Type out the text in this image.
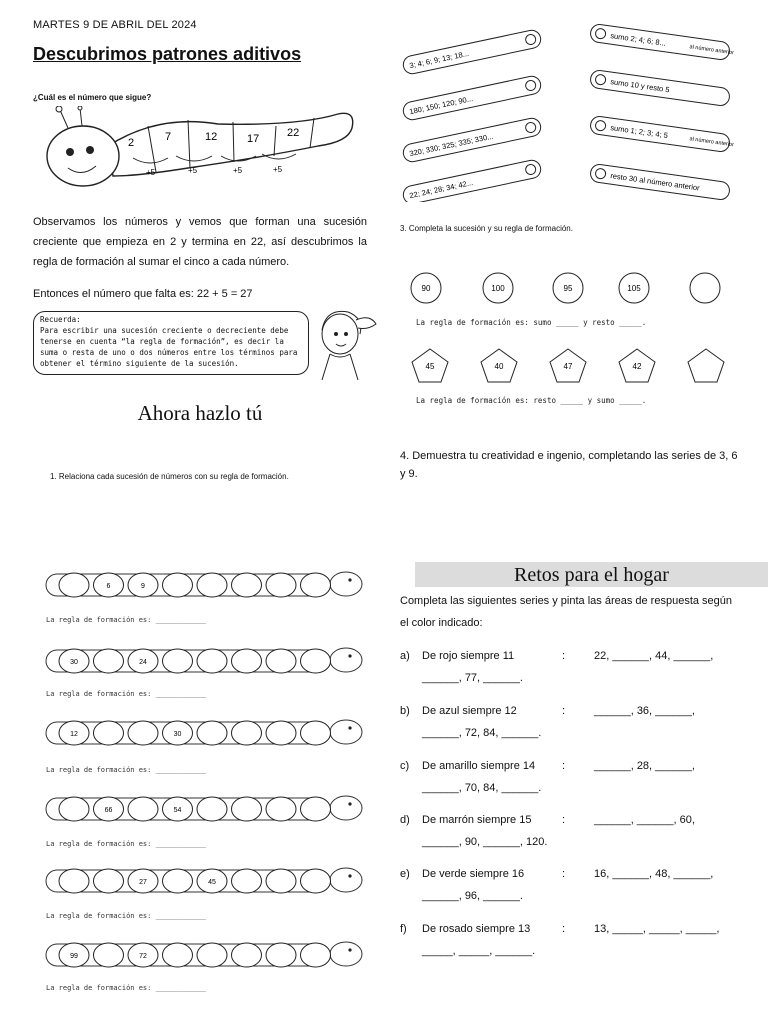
MARTES 9 DE ABRIL DEL 2024
Descubrimos patrones aditivos
¿Cuál es el número que sigue?
2	7	12	17	22
+5	+5	+5	+5
Observamos los números y vemos que forman una sucesión creciente que empieza en 2 y termina en 22, así descubrimos la regla de formación al sumar el cinco a cada número.
Entonces el número que falta es: 22 + 5 = 27
Recuerda:
Para escribir una sucesión creciente o decreciente debe tenerse en cuenta “la regla de formación”, es decir la suma o resta de uno o dos números entre los términos para obtener el término siguiente de la sucesión.
Ahora hazlo tú
1. Relaciona cada sucesión de números con su regla de formación.
6	9
La regla de formación es: ____________
30	24
La regla de formación es: ____________
12	30
La regla de formación es: ____________
66	54
La regla de formación es: ____________
27	45
La regla de formación es: ____________
99	72
La regla de formación es: ____________
3; 4; 6; 9; 13; 18...
180; 150; 120; 90...
320; 330; 325; 335; 330...
22; 24; 28; 34; 42...
sumo 2; 4; 6; 8...
al número anterior
sumo 10 y resto 5
sumo 1; 2; 3; 4; 5
al número anterior
resto 30 al número anterior
3. Completa la sucesión y su regla de formación.
90	100	95	105
45	40	47	42
La regla de formación es: sumo _____ y resto _____.
La regla de formación es: resto _____ y sumo _____.
4. Demuestra tu creatividad e ingenio, completando las series de 3, 6 y 9.
Retos para el hogar
Completa las siguientes series y pinta las áreas de respuesta según el color indicado:
a) De rojo siempre 11	:	22, ______, 44, ______,
______, 77, ______.
b) De azul siempre 12	:	______, 36, ______,
______, 72, 84, ______.
c) De amarillo siempre 14 :	______, 28, ______,
______, 70, 84, ______.
d) De marrón siempre 15	:	______, ______, 60,
______, 90, ______, 120.
e) De verde siempre 16	:	16, ______, 48, ______,
______, 96, ______.
f) De rosado siempre 13	:	13, _____, _____, _____,
_____, _____, ______.
